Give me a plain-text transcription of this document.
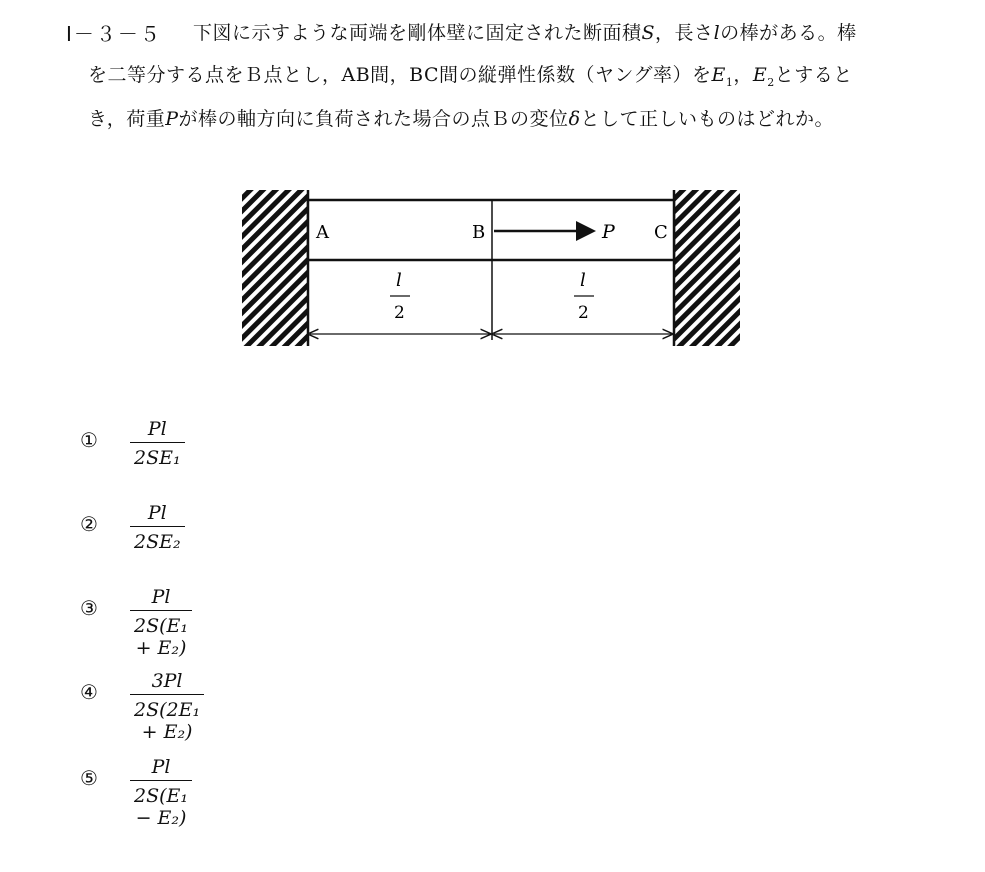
Ⅰ－３－５ 下図に示すような両端を剛体壁に固定された断面積S，長さlの棒がある。棒
を二等分する点をＢ点とし，AB間，BC間の縦弾性係数（ヤング率）を$E_1$，$E_2$とすると
き，荷重Pが棒の軸方向に負荷された場合の点Ｂの変位δとして正しいものはどれか。
A	B	P C
l
2
l
2
①	Pl
2SE₁
②	Pl
2SE₂
③	Pl
2S(E₁ + E₂)
④	3Pl
2S(2E₁ + E₂)
⑤	Pl
2S(E₁ − E₂)
